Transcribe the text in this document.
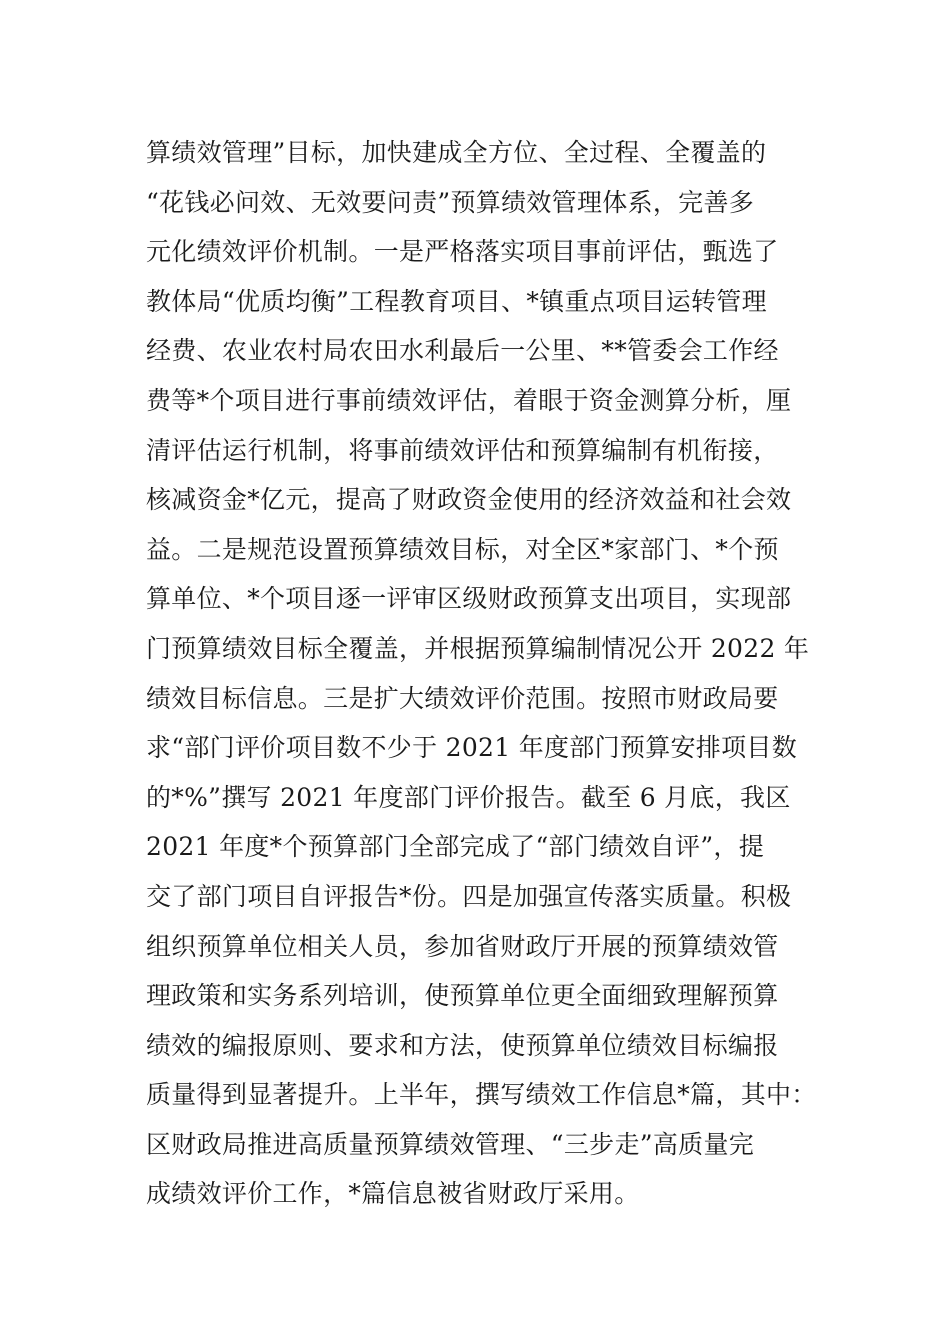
算绩效管理”目标，加快建成全方位、全过程、全覆盖的
“花钱必问效、无效要问责”预算绩效管理体系，完善多
元化绩效评价机制。一是严格落实项目事前评估，甄选了
教体局“优质均衡”工程教育项目、*镇重点项目运转管理
经费、农业农村局农田水利最后一公里、**管委会工作经
费等*个项目进行事前绩效评估，着眼于资金测算分析，厘
清评估运行机制，将事前绩效评估和预算编制有机衔接，
核减资金*亿元，提高了财政资金使用的经济效益和社会效
益。二是规范设置预算绩效目标，对全区*家部门、*个预
算单位、*个项目逐一评审区级财政预算支出项目，实现部
门预算绩效目标全覆盖，并根据预算编制情况公开 2022 年
绩效目标信息。三是扩大绩效评价范围。按照市财政局要
求“部门评价项目数不少于 2021 年度部门预算安排项目数
的*%”撰写 2021 年度部门评价报告。截至 6 月底，我区
2021 年度*个预算部门全部完成了“部门绩效自评”，提
交了部门项目自评报告*份。四是加强宣传落实质量。积极
组织预算单位相关人员，参加省财政厅开展的预算绩效管
理政策和实务系列培训，使预算单位更全面细致理解预算
绩效的编报原则、要求和方法，使预算单位绩效目标编报
质量得到显著提升。上半年，撰写绩效工作信息*篇，其中：
区财政局推进高质量预算绩效管理、“三步走”高质量完
成绩效评价工作，*篇信息被省财政厅采用。
